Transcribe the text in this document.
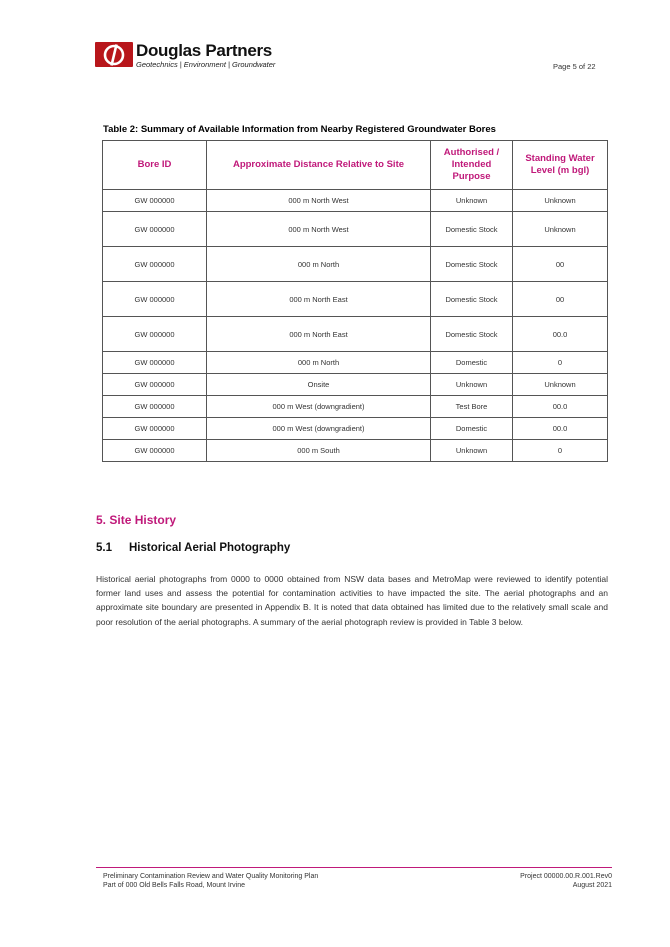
Douglas Partners
Geotechnics | Environment | Groundwater	Page 5 of 22
Table 2: Summary of Available Information from Nearby Registered Groundwater Bores
Bore ID	Approximate Distance Relative to Site	Authorised / Intended Purpose	Standing Water Level (m bgl)
GW 000000	000 m North West	Unknown	Unknown
GW 000000	000 m North West	Domestic Stock	Unknown
GW 000000	000 m North	Domestic Stock	00
GW 000000	000 m North East	Domestic Stock	00
GW 000000	000 m North East	Domestic Stock	00.0
GW 000000	000 m North	Domestic	0
GW 000000	Onsite	Unknown	Unknown
GW 000000	000 m West (downgradient)	Test Bore	00.0
GW 000000	000 m West (downgradient)	Domestic	00.0
GW 000000	000 m South	Unknown	0
5. Site History
5.1 Historical Aerial Photography
Historical aerial photographs from 0000 to 0000 obtained from NSW data bases and MetroMap were reviewed to identify potential former land uses and assess the potential for contamination activities to have impacted the site. The aerial photographs and an approximate site boundary are presented in Appendix B. It is noted that data obtained has limited due to the relatively small scale and poor resolution of the aerial photographs. A summary of the aerial photograph review is provided in Table 3 below.
Preliminary Contamination Review and Water Quality Monitoring Plan
Part of 000 Old Bells Falls Road, Mount Irvine
Project 00000.00.R.001.Rev0
August 2021
